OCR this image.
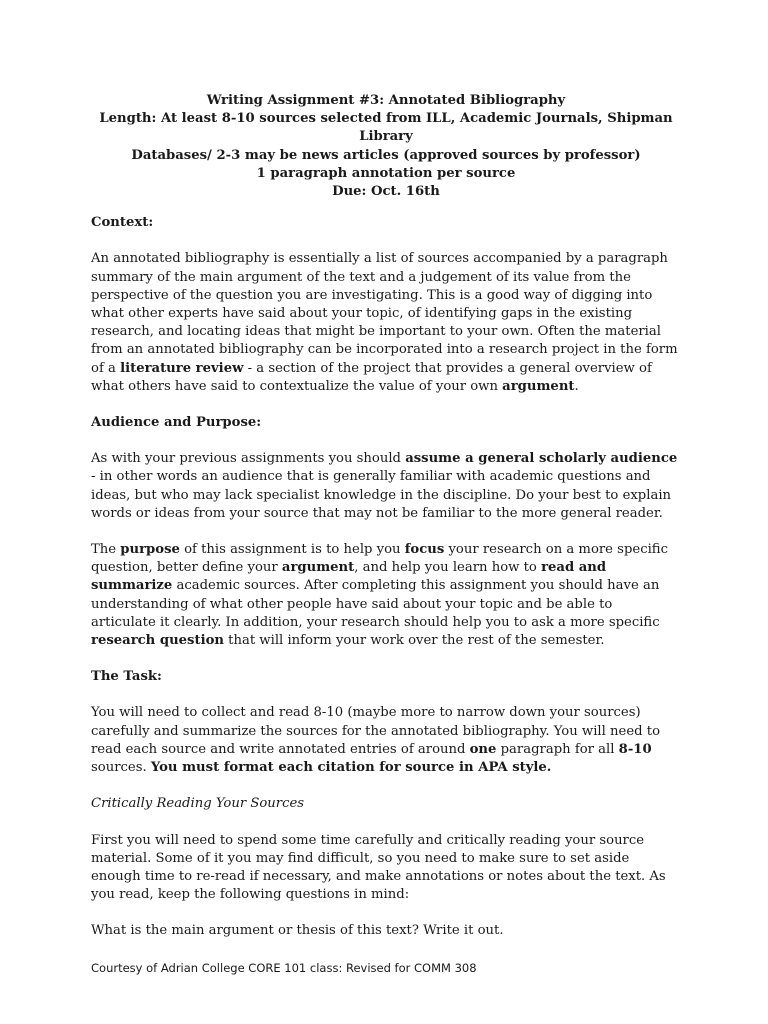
Writing Assignment #3: Annotated Bibliography
Length: At least 8-10 sources selected from ILL, Academic Journals, Shipman Library
Databases/ 2-3 may be news articles (approved sources by professor)
1 paragraph annotation per source
Due: Oct. 16th
Context:

An annotated bibliography is essentially a list of sources accompanied by a paragraph summary of the main argument of the text and a judgement of its value from the perspective of the question you are investigating. This is a good way of digging into what other experts have said about your topic, of identifying gaps in the existing research, and locating ideas that might be important to your own. Often the material from an annotated bibliography can be incorporated into a research project in the form of a literature review - a section of the project that provides a general overview of what others have said to contextualize the value of your own argument.

Audience and Purpose:

As with your previous assignments you should assume a general scholarly audience - in other words an audience that is generally familiar with academic questions and ideas, but who may lack specialist knowledge in the discipline. Do your best to explain words or ideas from your source that may not be familiar to the more general reader.

The purpose of this assignment is to help you focus your research on a more specific question, better define your argument, and help you learn how to read and summarize academic sources. After completing this assignment you should have an understanding of what other people have said about your topic and be able to articulate it clearly. In addition, your research should help you to ask a more specific research question that will inform your work over the rest of the semester.

The Task:

You will need to collect and read 8-10 (maybe more to narrow down your sources) carefully and summarize the sources for the annotated bibliography. You will need to read each source and write annotated entries of around one paragraph for all 8-10 sources. You must format each citation for source in APA style.

Critically Reading Your Sources

First you will need to spend some time carefully and critically reading your source material. Some of it you may find difficult, so you need to make sure to set aside enough time to re-read if necessary, and make annotations or notes about the text. As you read, keep the following questions in mind:

What is the main argument or thesis of this text? Write it out.

Courtesy of Adrian College CORE 101 class: Revised for COMM 308
